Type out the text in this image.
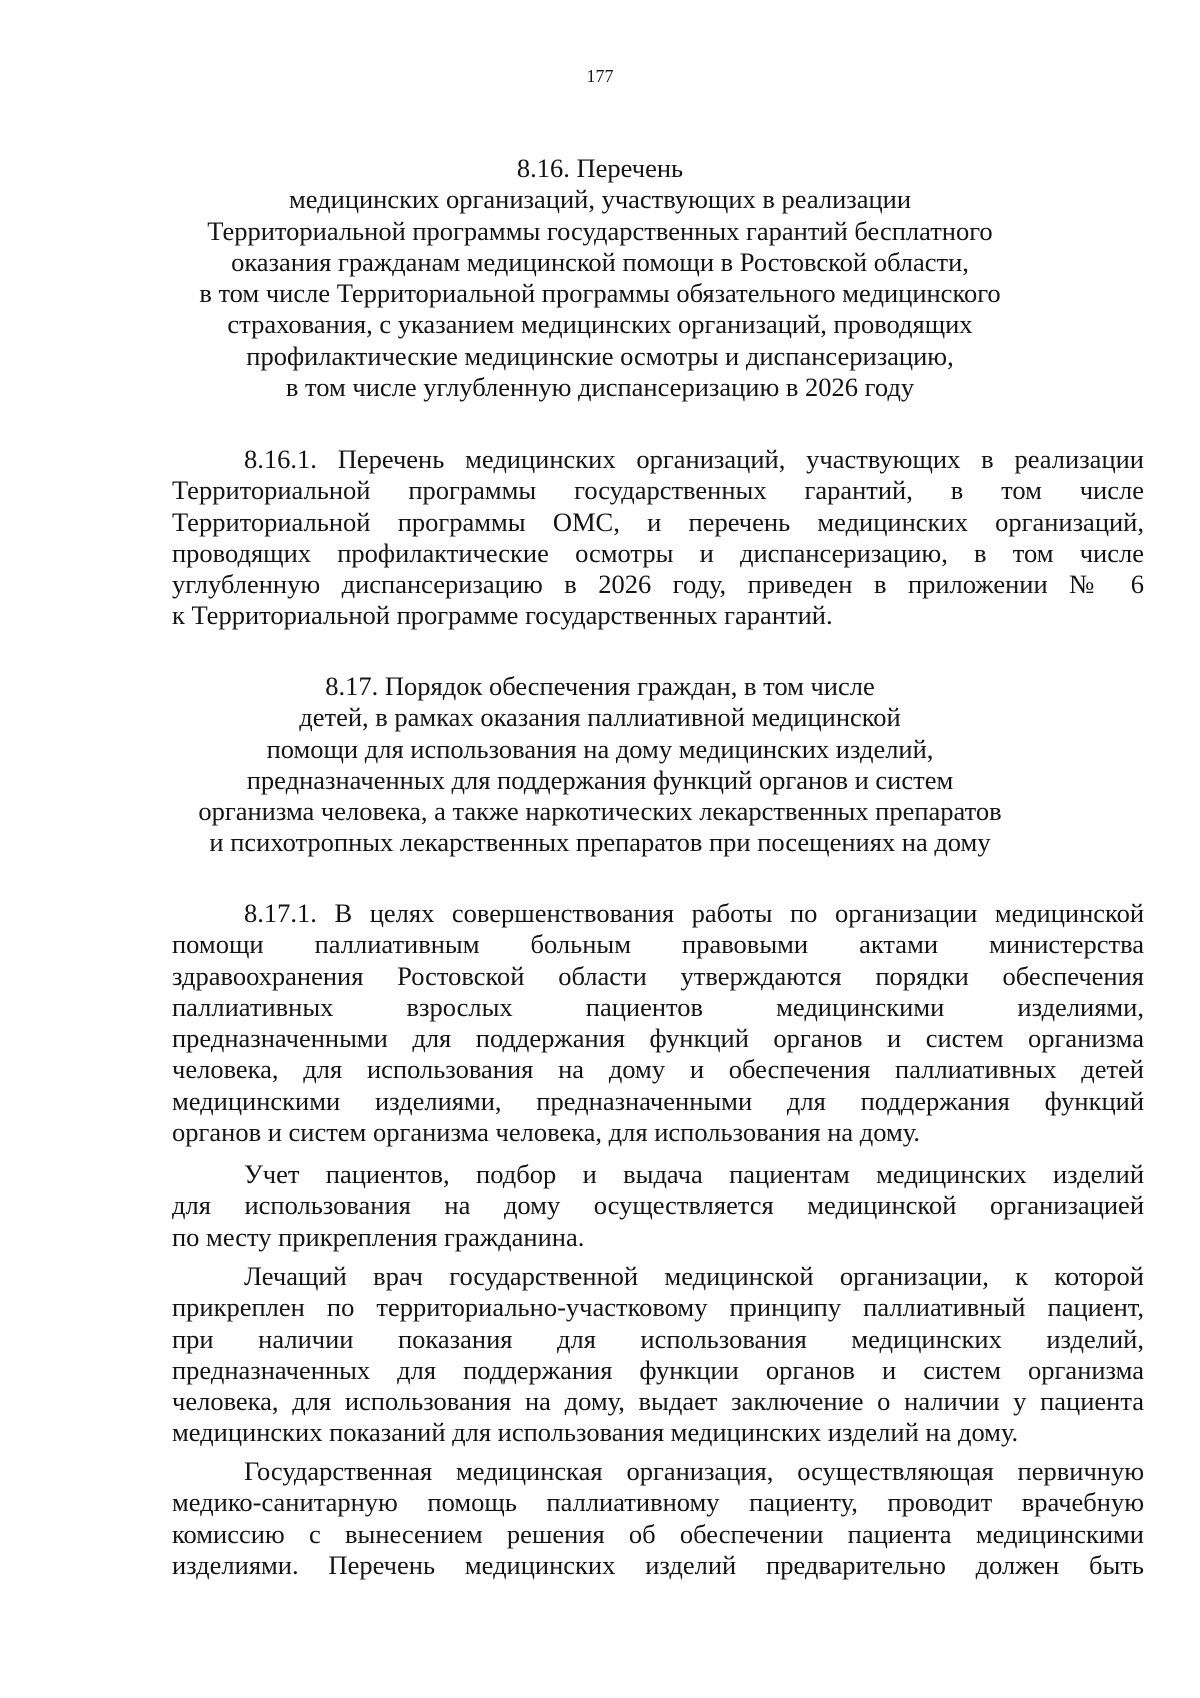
177
8.16. Перечень
медицинских организаций, участвующих в реализации
Территориальной программы государственных гарантий бесплатного
оказания гражданам медицинской помощи в Ростовской области,
в том числе Территориальной программы обязательного медицинского
страхования, с указанием медицинских организаций, проводящих
профилактические медицинские осмотры и диспансеризацию,
в том числе углубленную диспансеризацию в 2026 году
8.16.1. Перечень медицинских организаций, участвующих в реализации
Территориальной программы государственных гарантий, в том числе
Территориальной программы ОМС, и перечень медицинских организаций,
проводящих профилактические осмотры и диспансеризацию, в том числе
углубленную диспансеризацию в 2026 году, приведен в приложении № 6
к Территориальной программе государственных гарантий.
8.17. Порядок обеспечения граждан, в том числе
детей, в рамках оказания паллиативной медицинской
помощи для использования на дому медицинских изделий,
предназначенных для поддержания функций органов и систем
организма человека, а также наркотических лекарственных препаратов
и психотропных лекарственных препаратов при посещениях на дому
8.17.1. В целях совершенствования работы по организации медицинской
помощи паллиативным больным правовыми актами министерства
здравоохранения Ростовской области утверждаются порядки обеспечения
паллиативных взрослых пациентов медицинскими изделиями,
предназначенными для поддержания функций органов и систем организма
человека, для использования на дому и обеспечения паллиативных детей
медицинскими изделиями, предназначенными для поддержания функций
органов и систем организма человека, для использования на дому.
Учет пациентов, подбор и выдача пациентам медицинских изделий
для использования на дому осуществляется медицинской организацией
по месту прикрепления гражданина.
Лечащий врач государственной медицинской организации, к которой
прикреплен по территориально-участковому принципу паллиативный пациент,
при наличии показания для использования медицинских изделий,
предназначенных для поддержания функции органов и систем организма
человека, для использования на дому, выдает заключение о наличии у пациента
медицинских показаний для использования медицинских изделий на дому.
Государственная медицинская организация, осуществляющая первичную
медико-санитарную помощь паллиативному пациенту, проводит врачебную
комиссию с вынесением решения об обеспечении пациента медицинскими
изделиями. Перечень медицинских изделий предварительно должен быть
